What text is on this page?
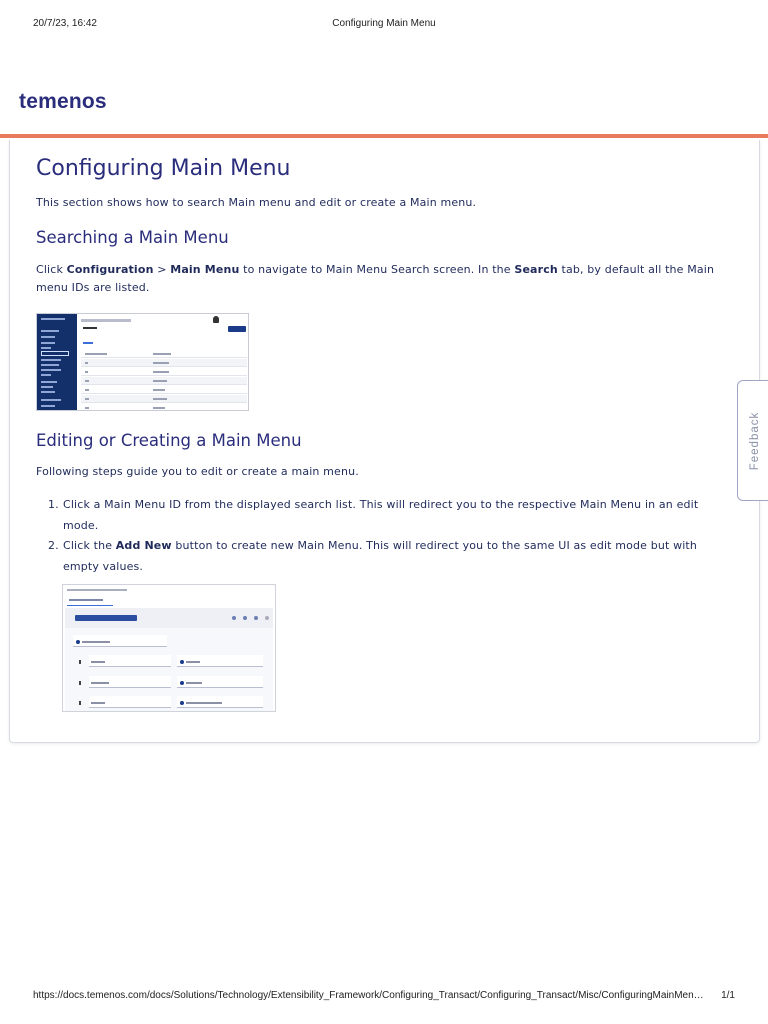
20/7/23, 16:42	Configuring Main Menu
temenos
Configuring Main Menu

This section shows how to search Main menu and edit or create a Main menu.

Searching a Main Menu

Click Configuration > Main Menu to navigate to Main Menu Search screen. In the Search tab, by default all the Main menu IDs are listed.

Editing or Creating a Main Menu

Following steps guide you to edit or create a main menu.

1. Click a Main Menu ID from the displayed search list. This will redirect you to the respective Main Menu in an edit mode.
2. Click the Add New button to create new Main Menu. This will redirect you to the same UI as edit mode but with empty values.
Feedback
https://docs.temenos.com/docs/Solutions/Technology/Extensibility_Framework/Configuring_Transact/Configuring_Transact/Misc/ConfiguringMainMen…	1/1
